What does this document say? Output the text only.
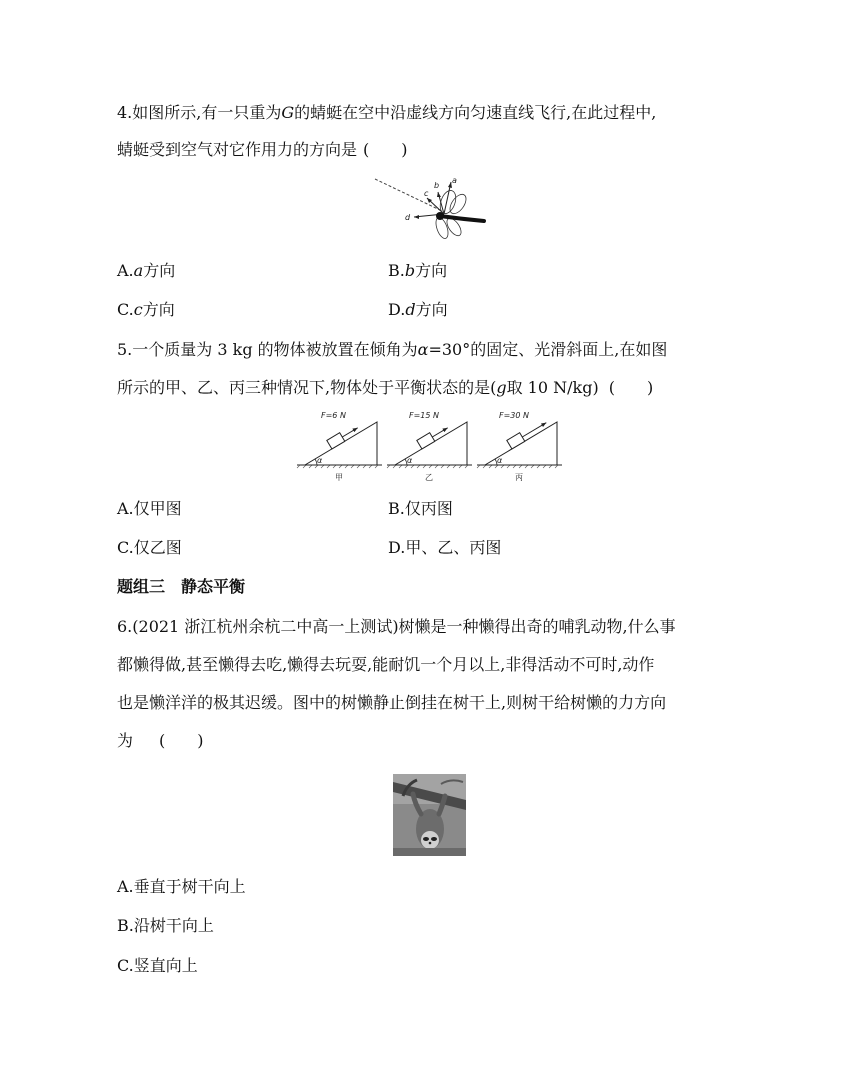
4.如图所示,有一只重为G的蜻蜓在空中沿虚线方向匀速直线飞行,在此过程中,
蜻蜓受到空气对它作用力的方向是 (　　)
c
b
a
d
A.a方向	B.b方向
C.c方向	D.d方向
5.一个质量为 3 kg 的物体被放置在倾角为α=30°的固定、光滑斜面上,在如图
所示的甲、乙、丙三种情况下,物体处于平衡状态的是(g取 10 N/kg) (　　)
α
F=6 N
甲
α
F=15 N
乙
α
F=30 N
丙
A.仅甲图	B.仅丙图
C.仅乙图	D.甲、乙、丙图
题组三　静态平衡
6.(2021 浙江杭州余杭二中高一上测试)树懒是一种懒得出奇的哺乳动物,什么事
都懒得做,甚至懒得去吃,懒得去玩耍,能耐饥一个月以上,非得活动不可时,动作
也是懒洋洋的极其迟缓。图中的树懒静止倒挂在树干上,则树干给树懒的力方向
为 (　　)
A.垂直于树干向上
B.沿树干向上
C.竖直向上
